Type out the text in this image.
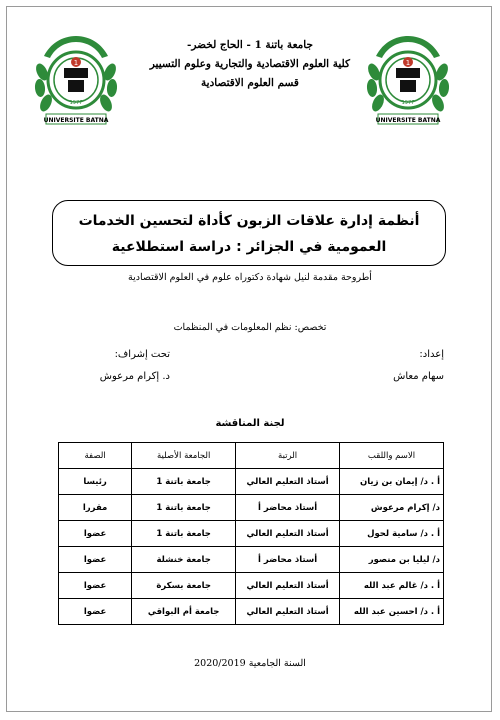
1
1977
UNIVERSITE BATNA
1
1977
UNIVERSITE BATNA
جامعة باتنة 1 - الحاج لخضر-
كلية العلوم الاقتصادية والتجارية وعلوم التسيير
قسم العلوم الاقتصادية
أنظمة إدارة علاقات الزبون كأداة لتحسين الخدمات
العمومية في الجزائر : دراسة استطلاعية
أطروحة مقدمة لنيل شهادة دكتوراه علوم في العلوم الاقتصادية
تخصص: نظم المعلومات في المنظمات
إعداد:
سهام معاش
تحت إشراف:
د. إكرام مرعوش
لجنة المناقشة
الاسم واللقب	الرتبة	الجامعة الأصلية	الصفة
أ . د/ إيمان بن زيان	أستاذ التعليم العالي	جامعة باتنة 1	رئيسا
د/ إكرام مرعوش	أستاذ محاضر أ	جامعة باتنة 1	مقررا
أ . د/ سامية لحول	أستاذ التعليم العالي	جامعة باتنة 1	عضوا
د/ ليليا بن منصور	أستاذ محاضر أ	جامعة خنشلة	عضوا
أ . د/ غالم عبد الله	أستاذ التعليم العالي	جامعة بسكرة	عضوا
أ . د/ احسين عبد الله	أستاذ التعليم العالي	جامعة أم البواقي	عضوا
السنة الجامعية 2020/2019
